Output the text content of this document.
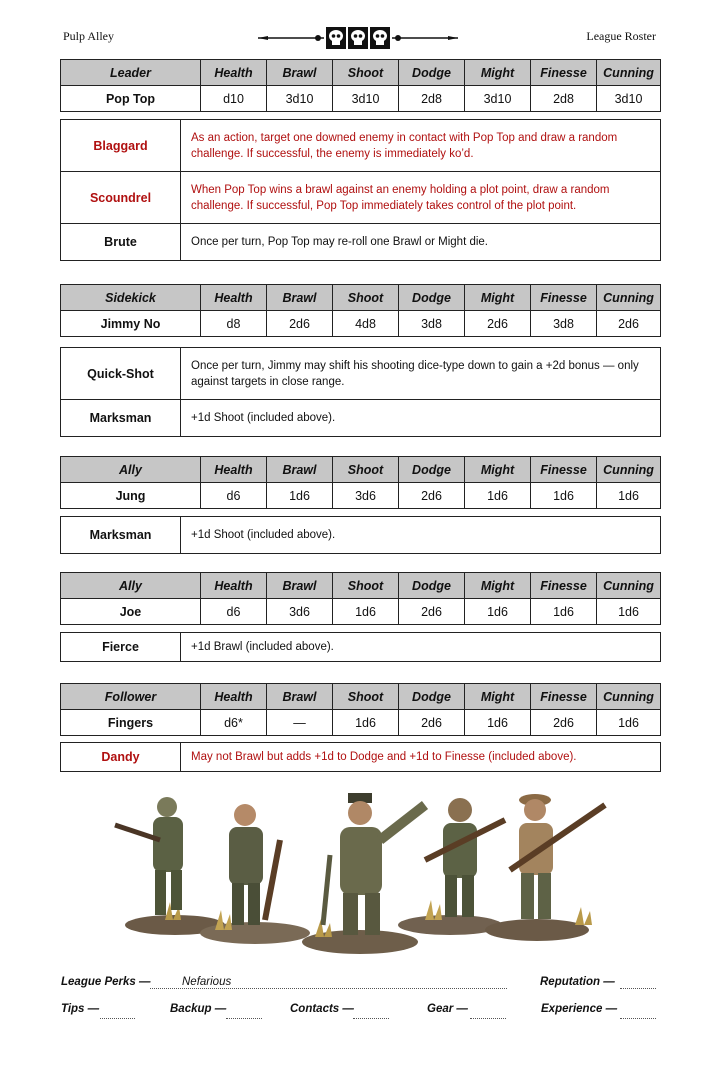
Pulp Alley	League Roster
Leader	Health	Brawl	Shoot	Dodge	Might	Finesse	Cunning
Pop Top	d10	3d10	3d10	2d8	3d10	2d8	3d10
Blaggard	As an action, target one downed enemy in contact with Pop Top and draw a random challenge. If successful, the enemy is immediately ko’d.
Scoundrel	When Pop Top wins a brawl against an enemy holding a plot point, draw a random challenge. If successful, Pop Top immediately takes control of the plot point.
Brute	Once per turn, Pop Top may re-roll one Brawl or Might die.
Sidekick	Health	Brawl	Shoot	Dodge	Might	Finesse	Cunning
Jimmy No	d8	2d6	4d8	3d8	2d6	3d8	2d6
Quick-Shot	Once per turn, Jimmy may shift his shooting dice-type down to gain a +2d bonus — only against targets in close range.
Marksman	+1d Shoot (included above).
Ally	Health	Brawl	Shoot	Dodge	Might	Finesse	Cunning
Jung	d6	1d6	3d6	2d6	1d6	1d6	1d6
Marksman	+1d Shoot (included above).
Ally	Health	Brawl	Shoot	Dodge	Might	Finesse	Cunning
Joe	d6	3d6	1d6	2d6	1d6	1d6	1d6
Fierce	+1d Brawl (included above).
Follower	Health	Brawl	Shoot	Dodge	Might	Finesse	Cunning
Fingers	d6*	—	1d6	2d6	1d6	2d6	1d6
Dandy	May not Brawl but adds +1d to Dodge and +1d to Finesse (included above).
League Perks —	Nefarious	Reputation —
Tips —	Backup —	Contacts —	Gear —	Experience —
